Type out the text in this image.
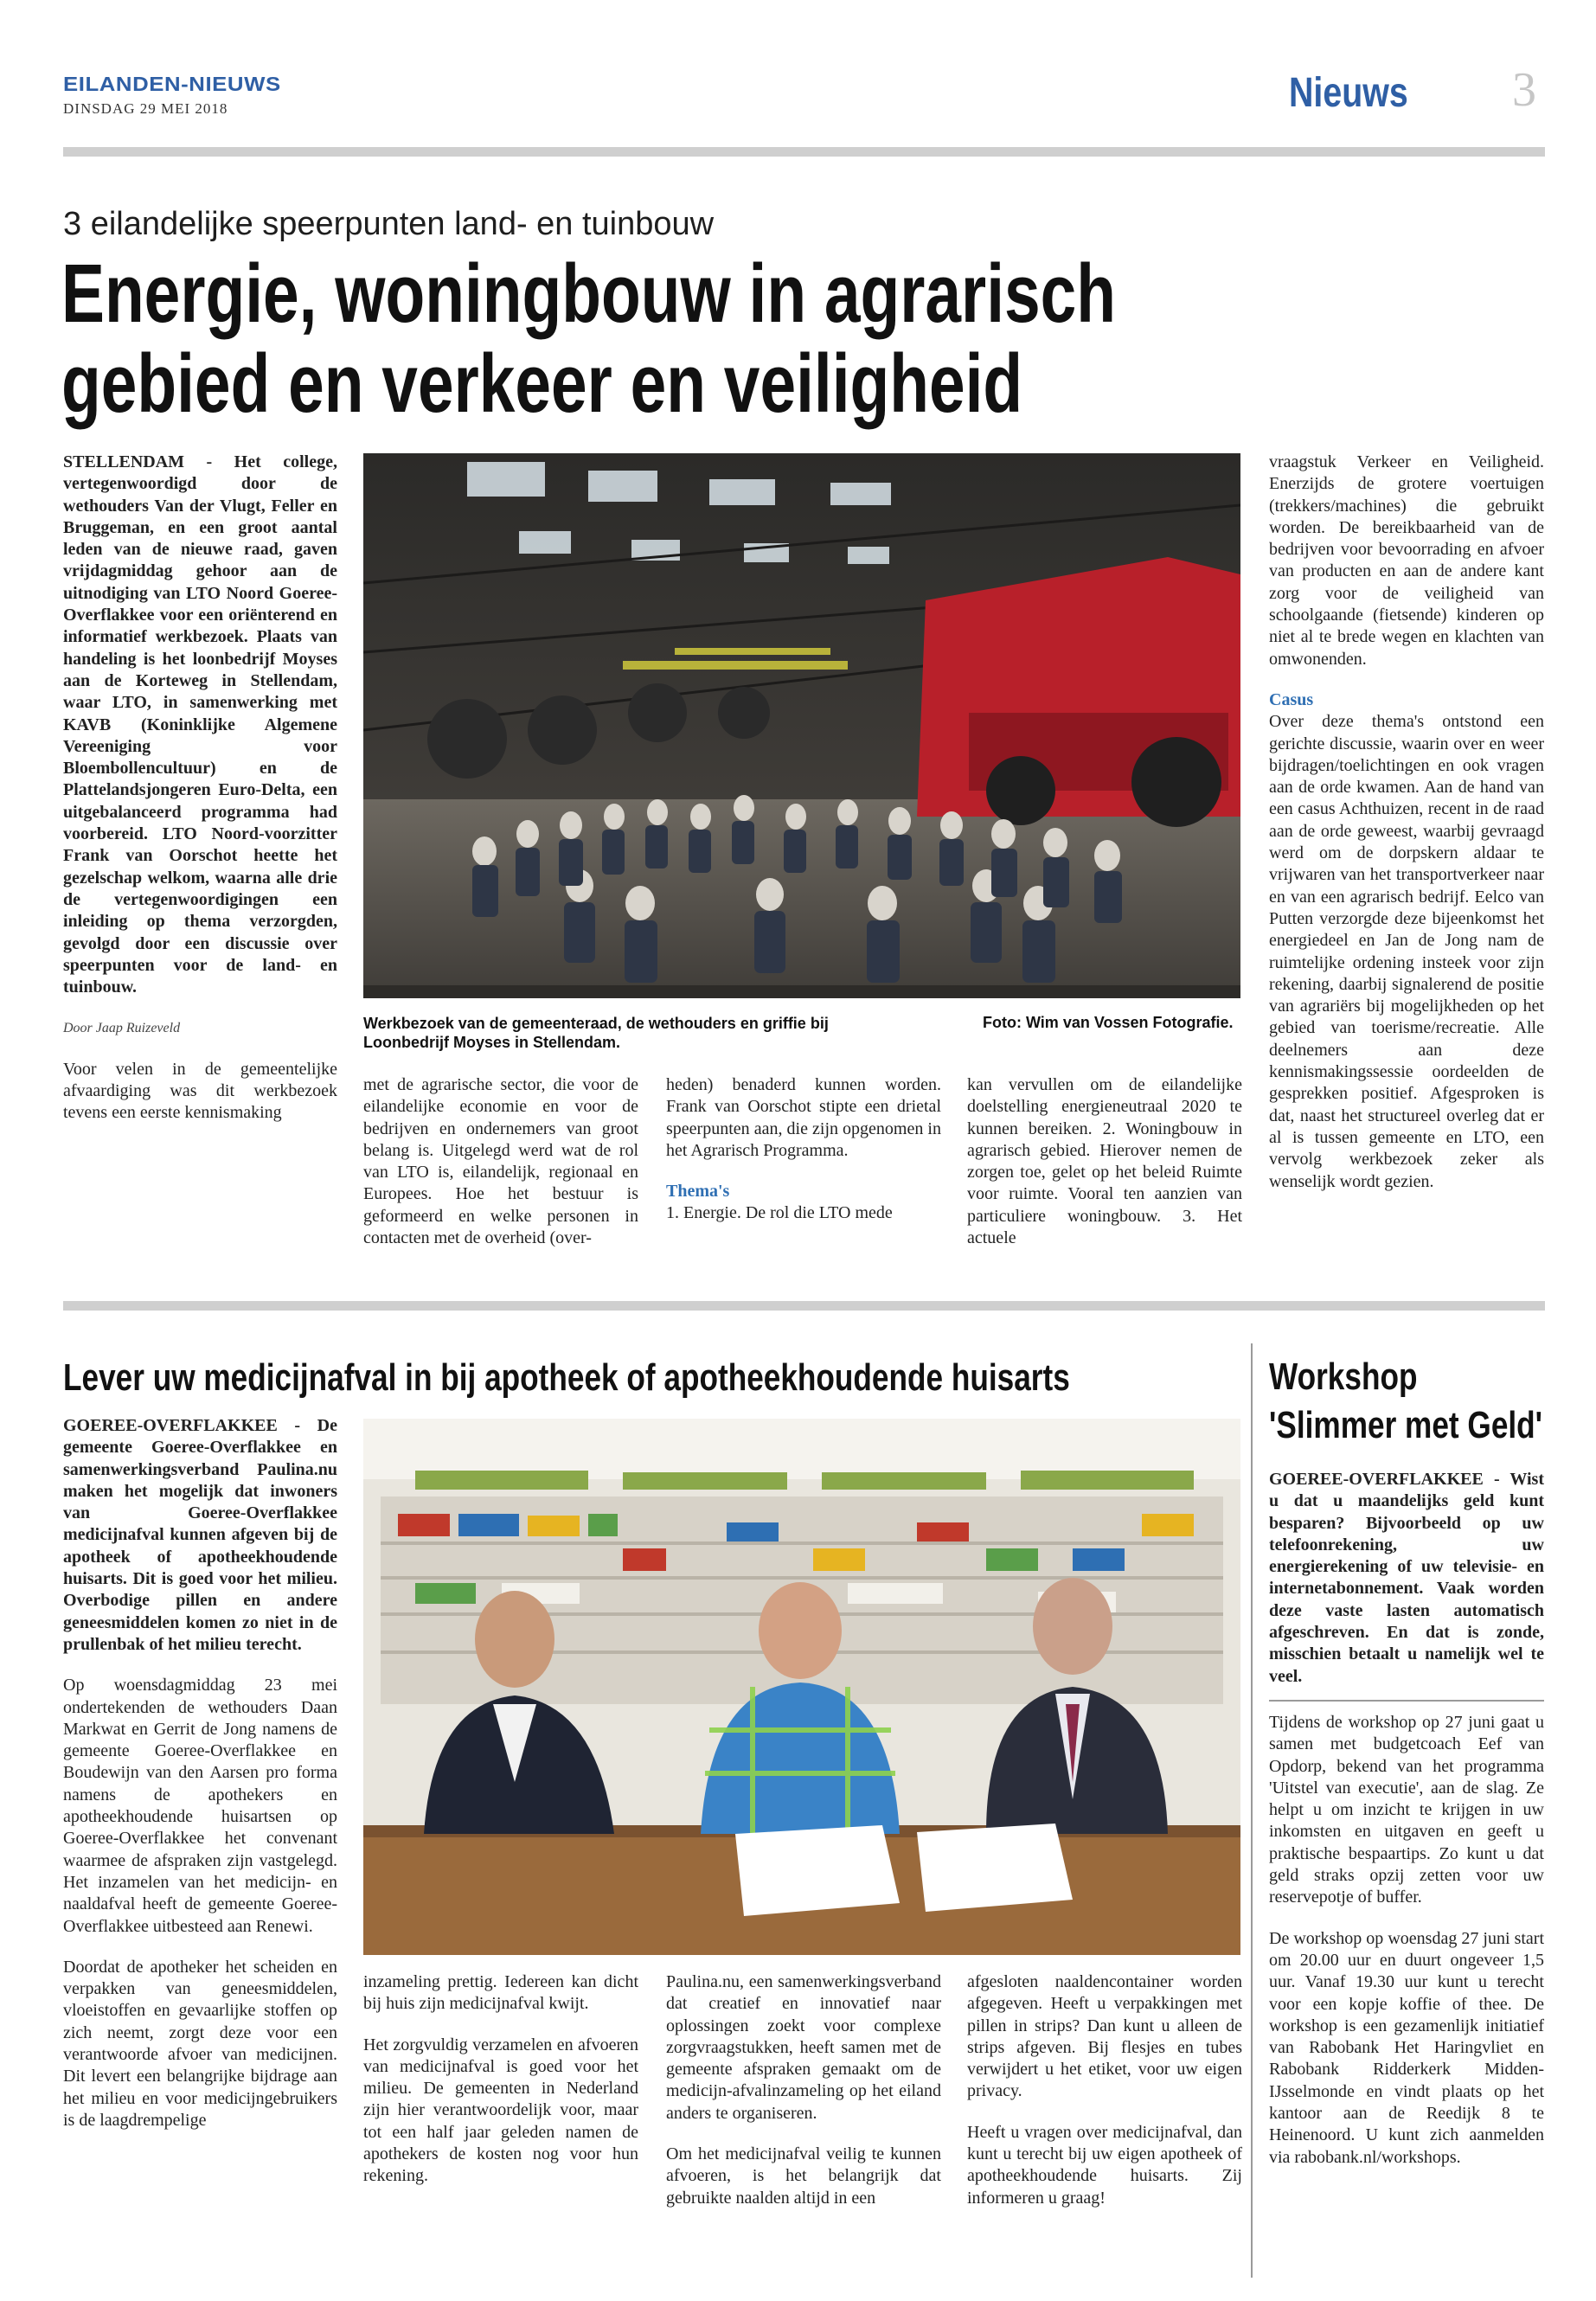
EILANDEN-NIEUWS
DINSDAG 29 MEI 2018	Nieuws 3
3 eilandelijke speerpunten land- en tuinbouw
Energie, woningbouw in agrarisch
gebied en verkeer en veiligheid

STELLENDAM - Het college, vertegenwoordigd door de wethouders Van der Vlugt, Feller en Bruggeman, en een groot aantal leden van de nieuwe raad, gaven vrijdagmiddag gehoor aan de uitnodiging van LTO Noord Goeree-Overflakkee voor een oriënterend en informatief werkbezoek. Plaats van handeling is het loonbedrijf Moyses aan de Korteweg in Stellendam, waar LTO, in samenwerking met KAVB (Koninklijke Algemene Vereeniging voor Bloembollencultuur) en de Plattelandsjongeren Euro-Delta, een uitgebalanceerd programma had voorbereid. LTO Noord-voorzitter Frank van Oorschot heette het gezelschap welkom, waarna alle drie de vertegenwoordigingen een inleiding op thema verzorgden, gevolgd door een discussie over speerpunten voor de land- en tuinbouw.

Door Jaap Ruizeveld

Voor velen in de gemeentelijke afvaardiging was dit werkbezoek tevens een eerste kennismaking

Werkbezoek van de gemeenteraad, de wethouders en griffie bij Loonbedrijf Moyses in Stellendam.
Foto: Wim van Vossen Fotografie.

met de agrarische sector, die voor de eilandelijke economie en voor de bedrijven en ondernemers van groot belang is. Uitgelegd werd wat de rol van LTO is, eilandelijk, regionaal en Europees. Hoe het bestuur is geformeerd en welke personen in contacten met de overheid (over-

heden) benaderd kunnen worden. Frank van Oorschot stipte een drietal speerpunten aan, die zijn opgenomen in het Agrarisch Programma.

Thema's

1. Energie. De rol die LTO mede

kan vervullen om de eilandelijke doelstelling energieneutraal 2020 te kunnen bereiken. 2. Woningbouw in agrarisch gebied. Hierover nemen de zorgen toe, gelet op het beleid Ruimte voor ruimte. Vooral ten aanzien van particuliere woningbouw. 3. Het actuele

vraagstuk Verkeer en Veiligheid. Enerzijds de grotere voertuigen (trekkers/machines) die gebruikt worden. De bereikbaarheid van de bedrijven voor bevoorrading en afvoer van producten en aan de andere kant zorg voor de veiligheid van schoolgaande (fietsende) kinderen op niet al te brede wegen en klachten van omwonenden.

Casus

Over deze thema's ontstond een gerichte discussie, waarin over en weer bijdragen/toelichtingen en ook vragen aan de orde kwamen. Aan de hand van een casus Achthuizen, recent in de raad aan de orde geweest, waarbij gevraagd werd om de dorpskern aldaar te vrijwaren van het transportverkeer naar en van een agrarisch bedrijf. Eelco van Putten verzorgde deze bijeenkomst het energiedeel en Jan de Jong nam de ruimtelijke ordening insteek voor zijn rekening, daarbij signalerend de positie van agrariërs bij mogelijkheden op het gebied van toerisme/recreatie. Alle deelnemers aan deze kennismakingssessie oordeelden de gesprekken positief. Afgesproken is dat, naast het structureel overleg dat er al is tussen gemeente en LTO, een vervolg werkbezoek zeker als wenselijk wordt gezien.

Lever uw medicijnafval in bij apotheek of apotheekhoudende huisarts

GOEREE-OVERFLAKKEE - De gemeente Goeree-Overflakkee en samenwerkingsverband Paulina.nu maken het mogelijk dat inwoners van Goeree-Overflakkee medicijnafval kunnen afgeven bij de apotheek of apotheekhoudende huisarts. Dit is goed voor het milieu. Overbodige pillen en andere geneesmiddelen komen zo niet in de prullenbak of het milieu terecht.

Op woensdagmiddag 23 mei ondertekenden de wethouders Daan Markwat en Gerrit de Jong namens de gemeente Goeree-Overflakkee en Boudewijn van den Aarsen pro forma namens de apothekers en apotheekhoudende huisartsen op Goeree-Overflakkee het convenant waarmee de afspraken zijn vastgelegd. Het inzamelen van het medicijn- en naaldafval heeft de gemeente Goeree-Overflakkee uitbesteed aan Renewi.

Doordat de apotheker het scheiden en verpakken van geneesmiddelen, vloeistoffen en gevaarlijke stoffen op zich neemt, zorgt deze voor een verantwoorde afvoer van medicijnen. Dit levert een belangrijke bijdrage aan het milieu en voor medicijngebruikers is de laagdrempelige

inzameling prettig. Iedereen kan dicht bij huis zijn medicijnafval kwijt.

Het zorgvuldig verzamelen en afvoeren van medicijnafval is goed voor het milieu. De gemeenten in Nederland zijn hier verantwoordelijk voor, maar tot een half jaar geleden namen de apothekers de kosten nog voor hun rekening.

Paulina.nu, een samenwerkingsverband dat creatief en innovatief naar oplossingen zoekt voor complexe zorgvraagstukken, heeft samen met de gemeente afspraken gemaakt om de medicijn-afvalinzameling op het eiland anders te organiseren.

Om het medicijnafval veilig te kunnen afvoeren, is het belangrijk dat gebruikte naalden altijd in een

afgesloten naaldencontainer worden afgegeven. Heeft u verpakkingen met pillen in strips? Dan kunt u alleen de strips afgeven. Bij flesjes en tubes verwijdert u het etiket, voor uw eigen privacy.

Heeft u vragen over medicijnafval, dan kunt u terecht bij uw eigen apotheek of apotheekhoudende huisarts. Zij informeren u graag!

Workshop
'Slimmer met Geld'

GOEREE-OVERFLAKKEE - Wist u dat u maandelijks geld kunt besparen? Bijvoorbeeld op uw telefoonrekening, uw energierekening of uw televisie- en internetabonnement. Vaak worden deze vaste lasten automatisch afgeschreven. En dat is zonde, misschien betaalt u namelijk wel te veel.

Tijdens de workshop op 27 juni gaat u samen met budgetcoach Eef van Opdorp, bekend van het programma 'Uitstel van executie', aan de slag. Ze helpt u om inzicht te krijgen in uw inkomsten en uitgaven en geeft u praktische bespaartips. Zo kunt u dat geld straks opzij zetten voor uw reservepotje of buffer.

De workshop op woensdag 27 juni start om 20.00 uur en duurt ongeveer 1,5 uur. Vanaf 19.30 uur kunt u terecht voor een kopje koffie of thee. De workshop is een gezamenlijk initiatief van Rabobank Het Haringvliet en Rabobank Ridderkerk Midden-IJsselmonde en vindt plaats op het kantoor aan de Reedijk 8 te Heinenoord. U kunt zich aanmelden via rabobank.nl/workshops.
